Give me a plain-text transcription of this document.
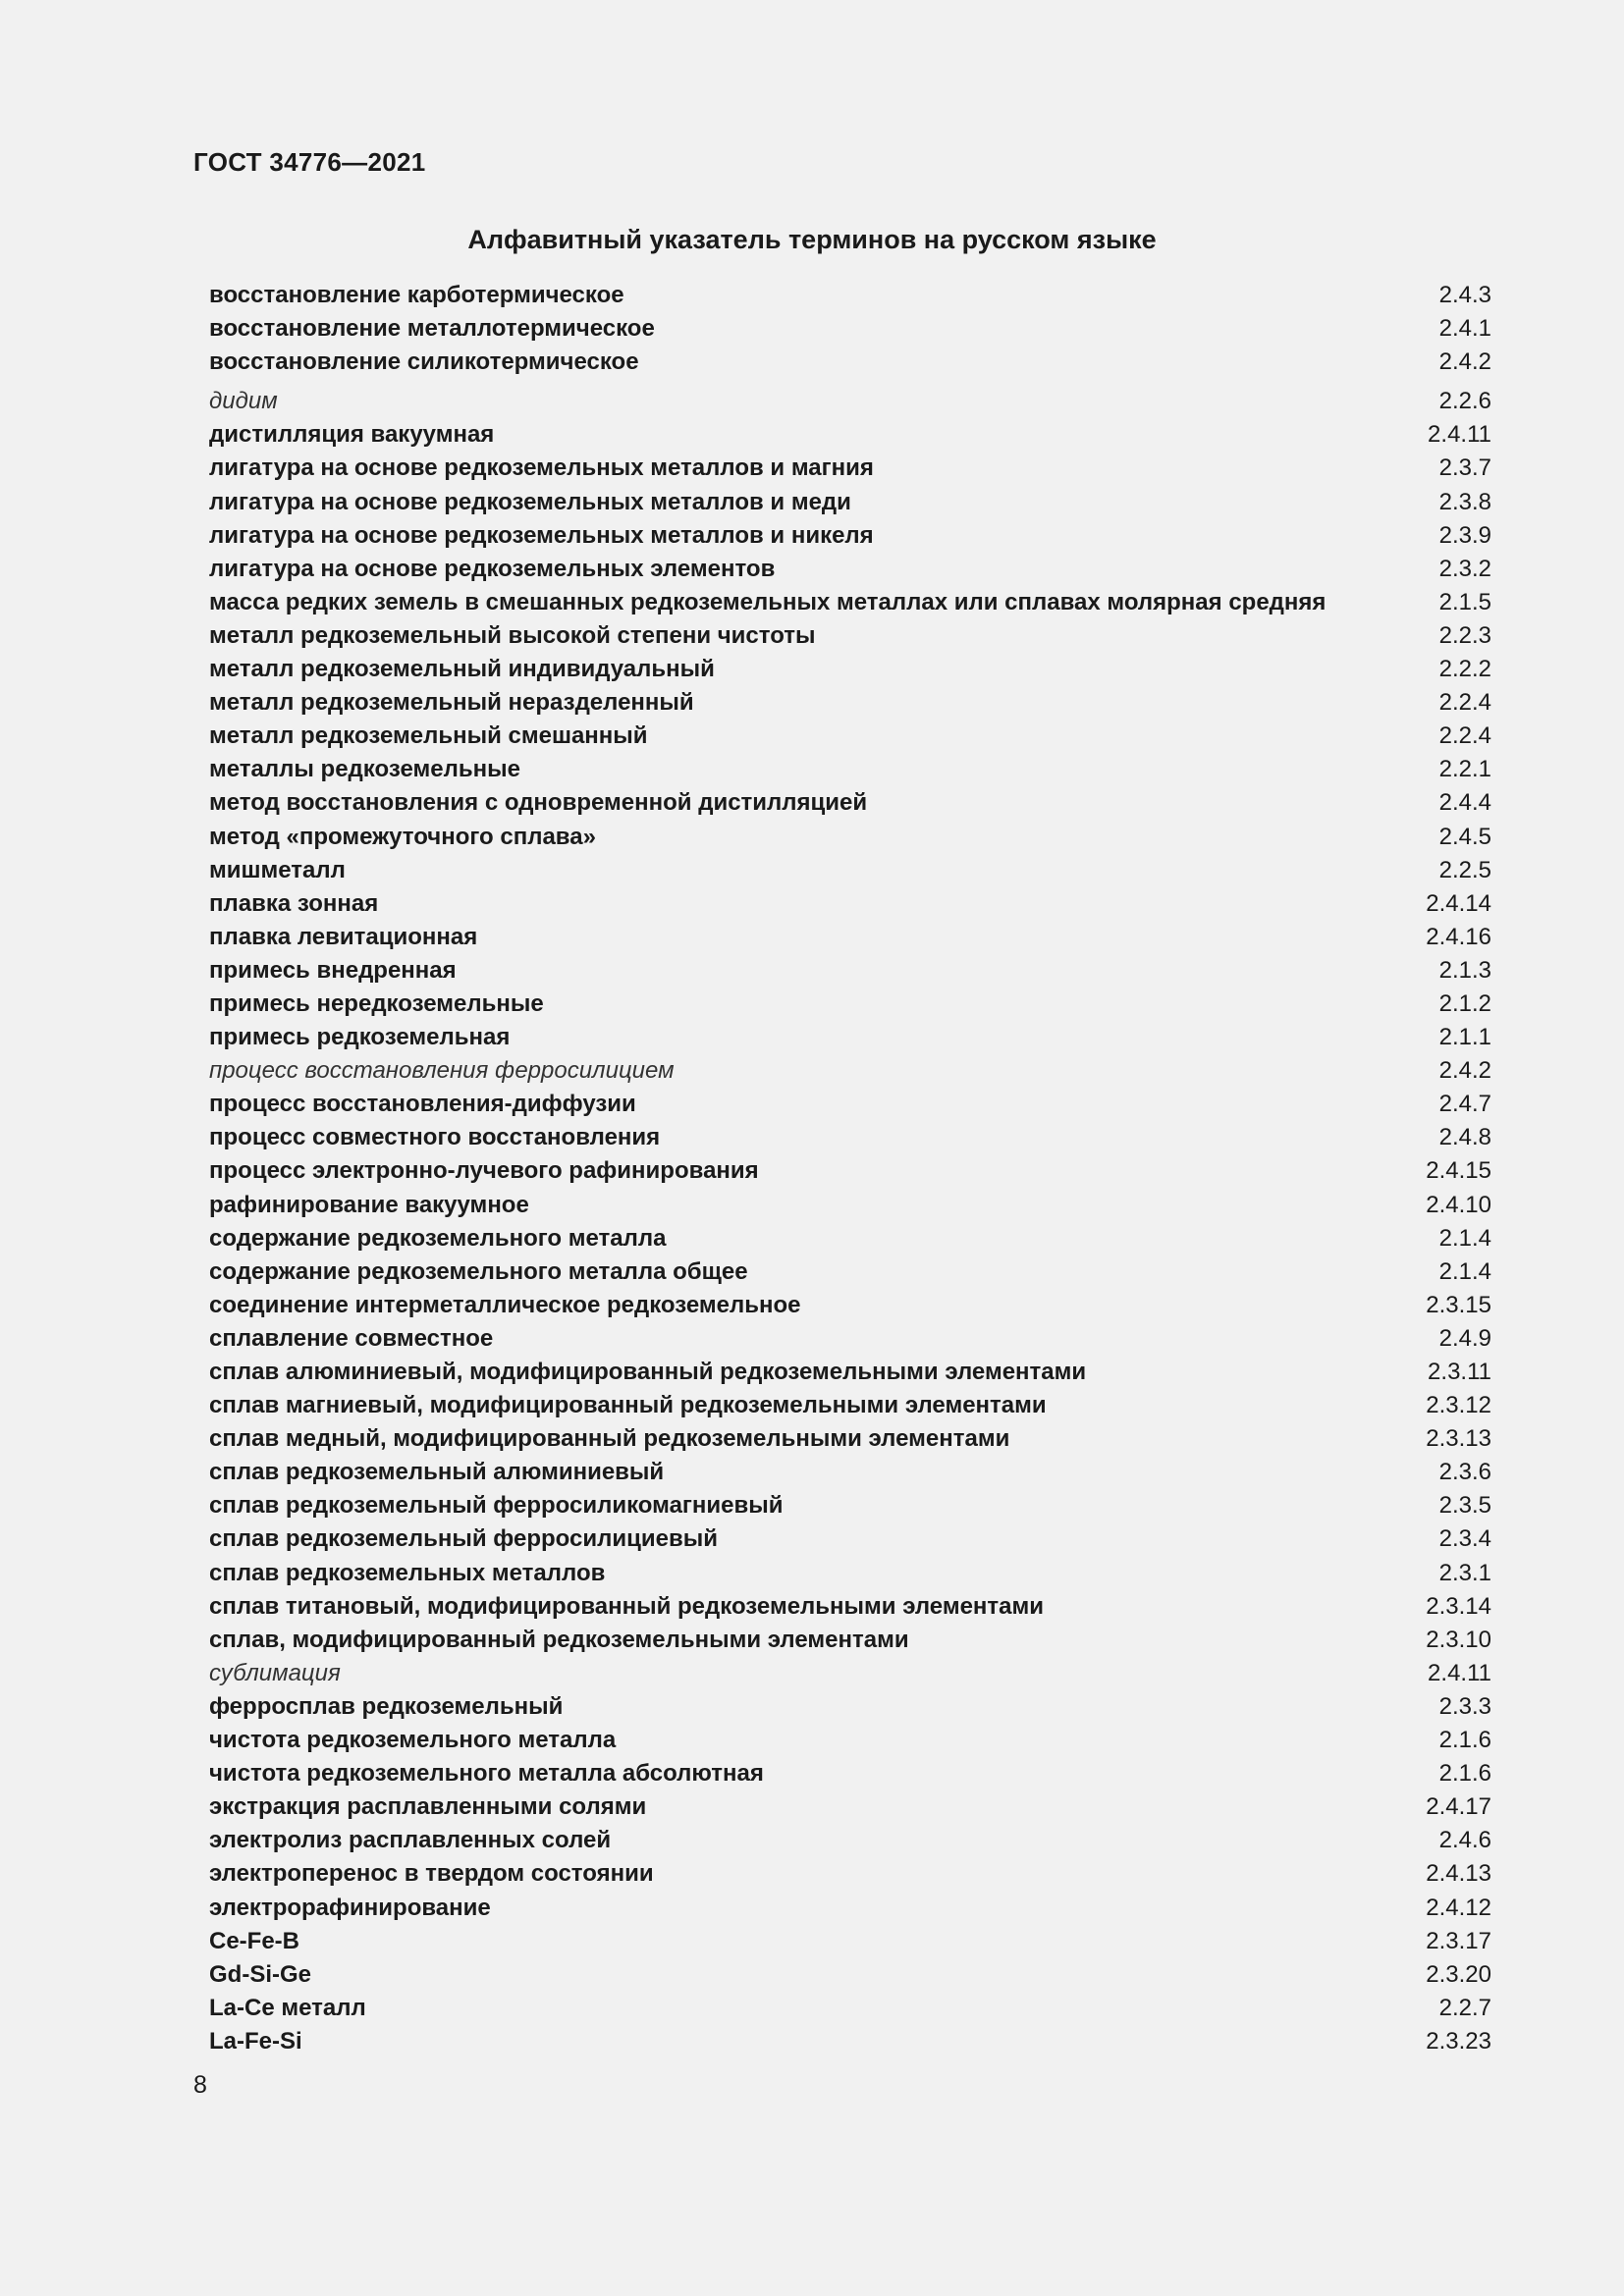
ГОСТ 34776—2021
Алфавитный указатель терминов на русском языке
восстановление карботермическое	2.4.3
восстановление металлотермическое	2.4.1
восстановление силикотермическое	2.4.2
дидим	2.2.6
дистилляция вакуумная	2.4.11
лигатура на основе редкоземельных металлов и магния	2.3.7
лигатура на основе редкоземельных металлов и меди	2.3.8
лигатура на основе редкоземельных металлов и никеля	2.3.9
лигатура на основе редкоземельных элементов	2.3.2
масса редких земель в смешанных редкоземельных металлах или сплавах молярная средняя	2.1.5
металл редкоземельный высокой степени чистоты	2.2.3
металл редкоземельный индивидуальный	2.2.2
металл редкоземельный неразделенный	2.2.4
металл редкоземельный смешанный	2.2.4
металлы редкоземельные	2.2.1
метод восстановления с одновременной дистилляцией	2.4.4
метод «промежуточного сплава»	2.4.5
мишметалл	2.2.5
плавка зонная	2.4.14
плавка левитационная	2.4.16
примесь внедренная	2.1.3
примесь нередкоземельные	2.1.2
примесь редкоземельная	2.1.1
процесс восстановления ферросилицием	2.4.2
процесс восстановления-диффузии	2.4.7
процесс совместного восстановления	2.4.8
процесс электронно-лучевого рафинирования	2.4.15
рафинирование вакуумное	2.4.10
содержание редкоземельного металла	2.1.4
содержание редкоземельного металла общее	2.1.4
соединение интерметаллическое редкоземельное	2.3.15
сплавление совместное	2.4.9
сплав алюминиевый, модифицированный редкоземельными элементами	2.3.11
сплав магниевый, модифицированный редкоземельными элементами	2.3.12
сплав медный, модифицированный редкоземельными элементами	2.3.13
сплав редкоземельный алюминиевый	2.3.6
сплав редкоземельный ферросиликомагниевый	2.3.5
сплав редкоземельный ферросилициевый	2.3.4
сплав редкоземельных металлов	2.3.1
сплав титановый, модифицированный редкоземельными элементами	2.3.14
сплав, модифицированный редкоземельными элементами	2.3.10
сублимация	2.4.11
ферросплав редкоземельный	2.3.3
чистота редкоземельного металла	2.1.6
чистота редкоземельного металла абсолютная	2.1.6
экстракция расплавленными солями	2.4.17
электролиз расплавленных солей	2.4.6
электроперенос в твердом состоянии	2.4.13
электрорафинирование	2.4.12
Ce-Fe-B	2.3.17
Gd-Si-Ge	2.3.20
La-Ce металл	2.2.7
La-Fe-Si	2.3.23
8
